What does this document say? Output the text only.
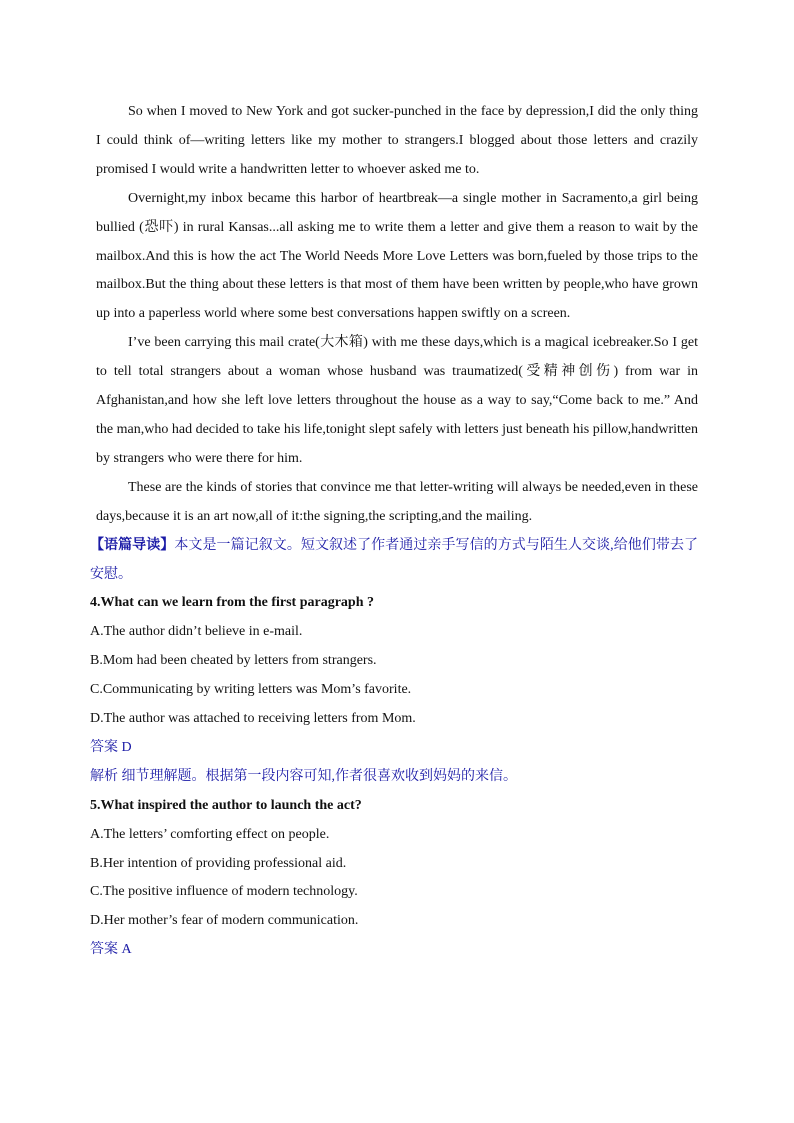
So when I moved to New York and got sucker-punched in the face by depression,I did the only thing I could think of—writing letters like my mother to strangers.I blogged about those letters and crazily promised I would write a handwritten letter to whoever asked me to.

Overnight,my inbox became this harbor of heartbreak—a single mother in Sacramento,a girl being bullied (恐吓) in rural Kansas...all asking me to write them a letter and give them a reason to wait by the mailbox.And this is how the act The World Needs More Love Letters was born,fueled by those trips to the mailbox.But the thing about these letters is that most of them have been written by people,who have grown up into a paperless world where some best conversations happen swiftly on a screen.

I’ve been carrying this mail crate(大木箱) with me these days,which is a magical icebreaker.So I get to tell total strangers about a woman whose husband was traumatized(受精神创伤) from war in Afghanistan,and how she left love letters throughout the house as a way to say,“Come back to me.” And the man,who had decided to take his life,tonight slept safely with letters just beneath his pillow,handwritten by strangers who were there for him.

These are the kinds of stories that convince me that letter-writing will always be needed,even in these days,because it is an art now,all of it:the signing,the scripting,and the mailing.

【语篇导读】本文是一篇记叙文。短文叙述了作者通过亲手写信的方式与陌生人交谈,给他们带去了安慰。

4.What can we learn from the first paragraph ?

A.The author didn’t believe in e-mail.

B.Mom had been cheated by letters from strangers.

C.Communicating by writing letters was Mom’s favorite.

D.The author was attached to receiving letters from Mom.

答案 D

解析 细节理解题。根据第一段内容可知,作者很喜欢收到妈妈的来信。

5.What inspired the author to launch the act?

A.The letters’ comforting effect on people.

B.Her intention of providing professional aid.

C.The positive influence of modern technology.

D.Her mother’s fear of modern communication.

答案 A
